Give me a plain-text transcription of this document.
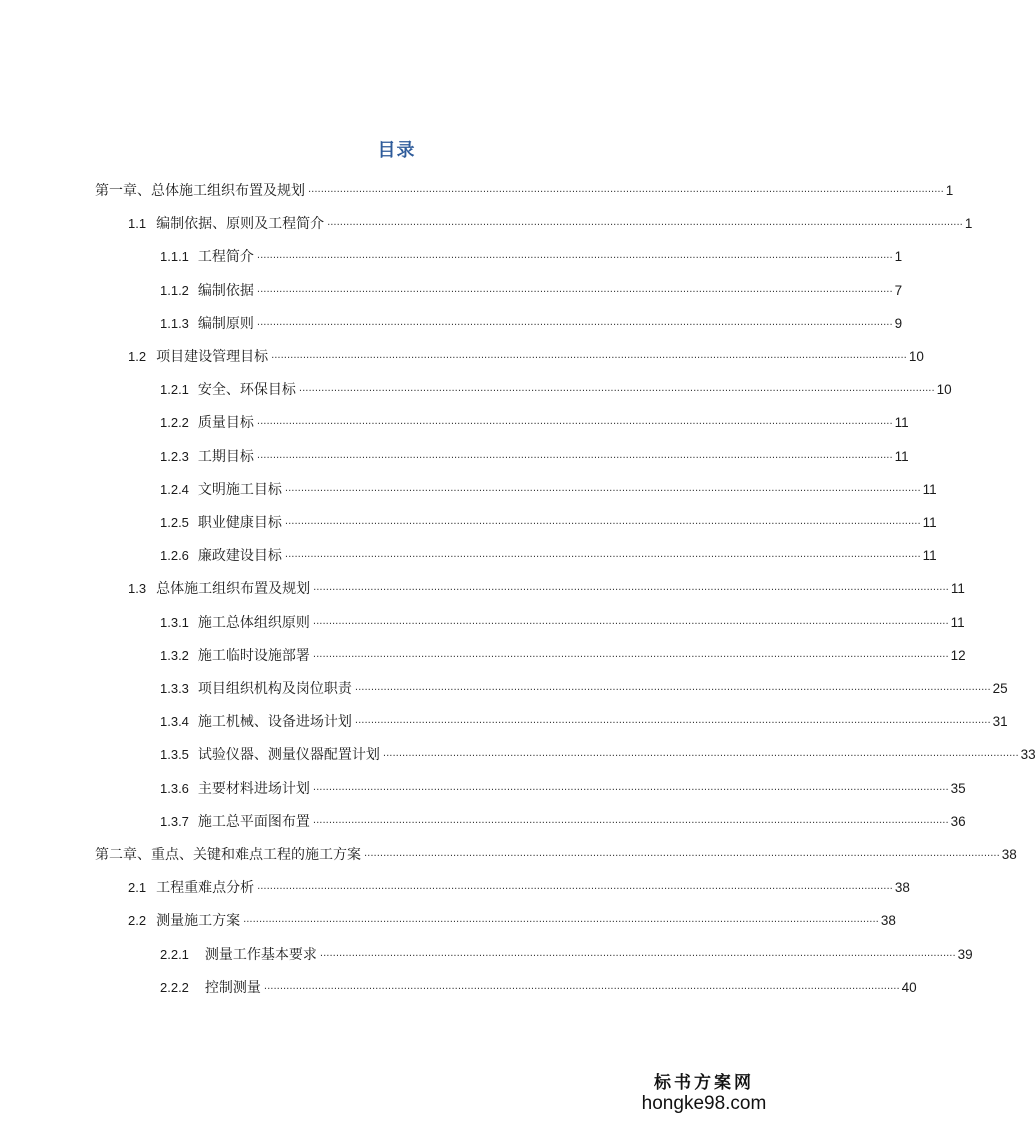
目录
第一章、总体施工组织布置及规划 ........................................................................................................................................................................................................ 1
1.1 编制依据、原则及工程简介 ........................................................................................................................................................................................................ 1
1.1.1 工程简介 ........................................................................................................................................................................................................ 1
1.1.2 编制依据 ........................................................................................................................................................................................................ 7
1.1.3 编制原则 ........................................................................................................................................................................................................ 9
1.2 项目建设管理目标 ........................................................................................................................................................................................................ 10
1.2.1 安全、环保目标 ........................................................................................................................................................................................................ 10
1.2.2 质量目标 ........................................................................................................................................................................................................ 11
1.2.3 工期目标 ........................................................................................................................................................................................................ 11
1.2.4 文明施工目标 ........................................................................................................................................................................................................ 11
1.2.5 职业健康目标 ........................................................................................................................................................................................................ 11
1.2.6 廉政建设目标 ........................................................................................................................................................................................................ 11
1.3 总体施工组织布置及规划 ........................................................................................................................................................................................................ 11
1.3.1 施工总体组织原则 ........................................................................................................................................................................................................ 11
1.3.2 施工临时设施部署 ........................................................................................................................................................................................................ 12
1.3.3 项目组织机构及岗位职责 ........................................................................................................................................................................................................ 25
1.3.4 施工机械、设备进场计划 ........................................................................................................................................................................................................ 31
1.3.5 试验仪器、测量仪器配置计划 ........................................................................................................................................................................................................ 33
1.3.6 主要材料进场计划 ........................................................................................................................................................................................................ 35
1.3.7 施工总平面图布置 ........................................................................................................................................................................................................ 36
第二章、重点、关键和难点工程的施工方案 ........................................................................................................................................................................................................ 38
2.1 工程重难点分析 ........................................................................................................................................................................................................ 38
2.2 测量施工方案 ........................................................................................................................................................................................................ 38
2.2.1 测量工作基本要求 ........................................................................................................................................................................................................ 39
2.2.2 控制测量 ........................................................................................................................................................................................................ 40
标书方案网
hongke98.com
